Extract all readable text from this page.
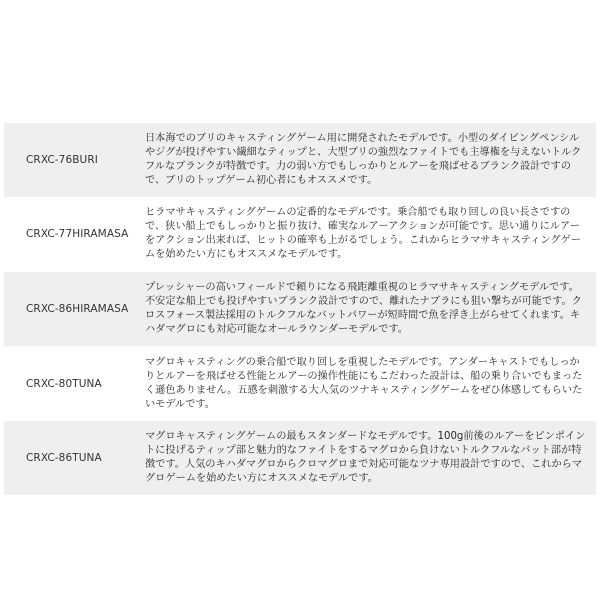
CRXC-76BURI
日本海でのブリのキャスティングゲーム用に開発されたモデルです。小型のダイビングペンシルやジグが投げやすい繊細なティップと、大型ブリの強烈なファイトでも主導権を与えないトルクフルなブランクが特徴です。力の弱い方でもしっかりとルアーを飛ばせるブランク設計ですので、ブリのトップゲーム初心者にもオススメです。
CRXC-77HIRAMASA
ヒラマサキャスティングゲームの定番的なモデルです。乗合船でも取り回しの良い長さですので、狭い船上でもしっかりと振り抜け、確実なルアーアクションが可能です。思い通りにルアーをアクション出来れば、ヒットの確率も上がるでしょう。これからヒラマサキャスティングゲームを始めたい方にもオススメなモデルです。
CRXC-86HIRAMASA
プレッシャーの高いフィールドで頼りになる飛距離重視のヒラマサキャスティングモデルです。不安定な船上でも投げやすいブランク設計ですので、離れたナブラにも狙い撃ちが可能です。クロスフォース製法採用のトルクフルなバットパワーが短時間で魚を浮き上がらせてくれます。キハダマグロにも対応可能なオールラウンダーモデルです。
CRXC-80TUNA
マグロキャスティングの乗合船で取り回しを重視したモデルです。アンダーキャストでもしっかりとルアーを飛ばせる性能とルアーの操作性能にもこだわった設計は、船の乗り合いでもまったく遜色ありません。五感を刺激する大人気のツナキャスティングゲームをぜひ体感してもらいたいモデルです。
CRXC-86TUNA
マグロキャスティングゲームの最もスタンダードなモデルです。100g前後のルアーをピンポイントに投げるティップ部と魅力的なファイトをするマグロから負けないトルクフルなバット部が特徴です。人気のキハダマグロからクロマグロまで対応可能なツナ専用設計ですので、これからマグロゲームを始めたい方にオススメなモデルです。
